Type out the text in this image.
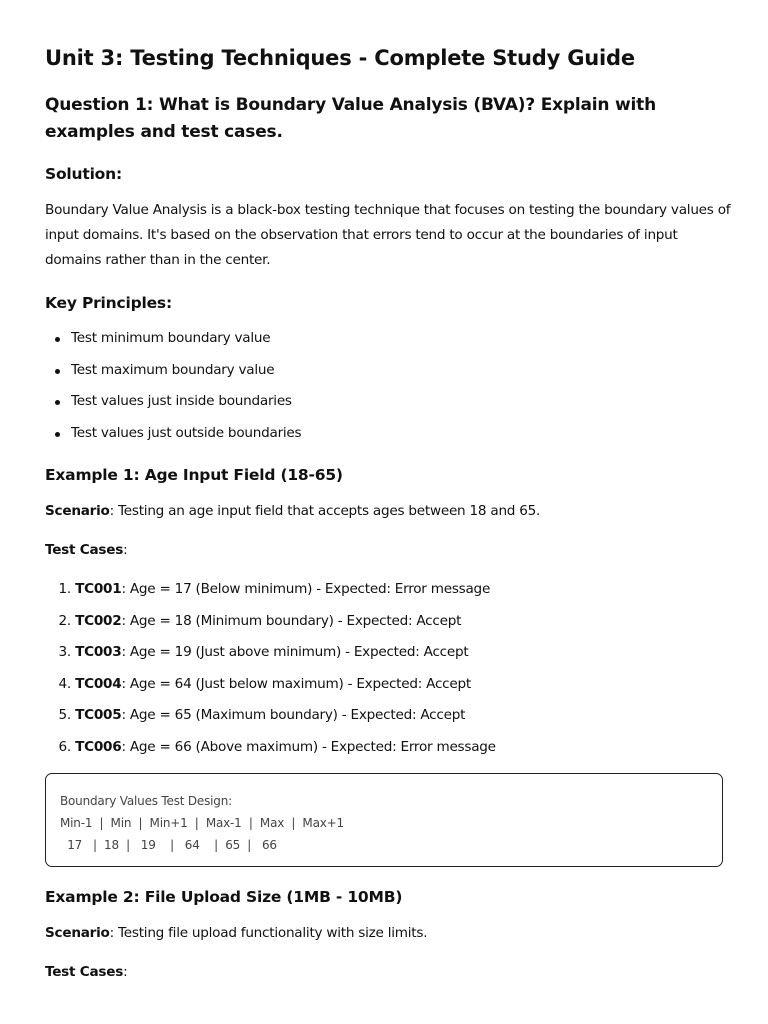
Unit 3: Testing Techniques - Complete Study Guide
Question 1: What is Boundary Value Analysis (BVA)? Explain with examples and test cases.
Solution:
Boundary Value Analysis is a black-box testing technique that focuses on testing the boundary values of input domains. It's based on the observation that errors tend to occur at the boundaries of input domains rather than in the center.
Key Principles:
Test minimum boundary value
Test maximum boundary value
Test values just inside boundaries
Test values just outside boundaries
Example 1: Age Input Field (18-65)
Scenario: Testing an age input field that accepts ages between 18 and 65.
Test Cases:
1. TC001: Age = 17 (Below minimum) - Expected: Error message
2. TC002: Age = 18 (Minimum boundary) - Expected: Accept
3. TC003: Age = 19 (Just above minimum) - Expected: Accept
4. TC004: Age = 64 (Just below maximum) - Expected: Accept
5. TC005: Age = 65 (Maximum boundary) - Expected: Accept
6. TC006: Age = 66 (Above maximum) - Expected: Error message
Boundary Values Test Design:
Min-1  |  Min  |  Min+1  |  Max-1  |  Max  |  Max+1
17   |  18  |   19    |   64    |  65  |   66
Example 2: File Upload Size (1MB - 10MB)
Scenario: Testing file upload functionality with size limits.
Test Cases:
